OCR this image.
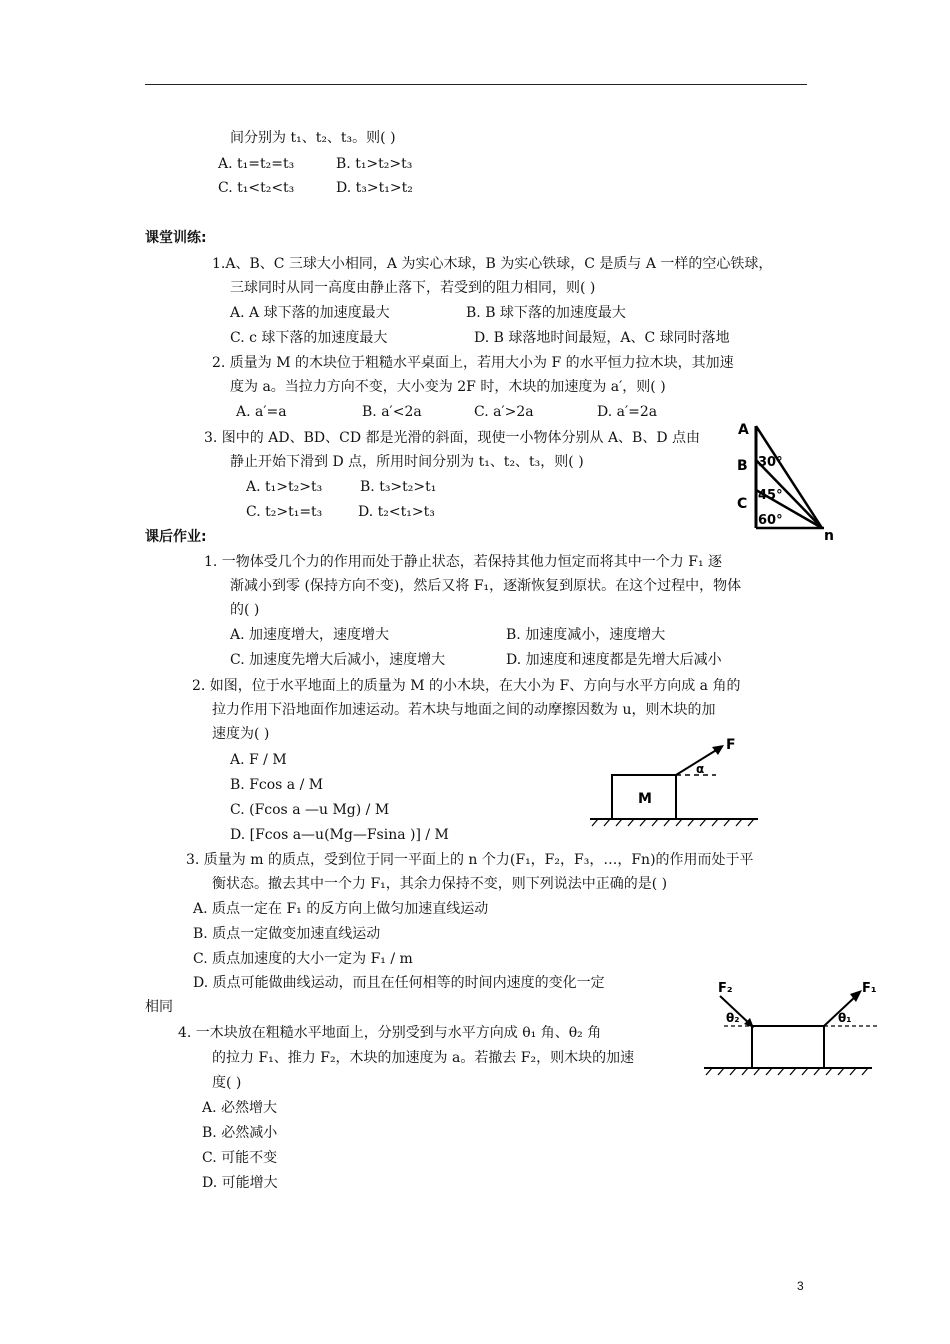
间分别为 t₁、t₂、t₃。则( )
A. t₁=t₂=t₃	B. t₁>t₂>t₃
C. t₁<t₂<t₃	D. t₃>t₁>t₂
课堂训练:
1.A、B、C 三球大小相同，A 为实心木球，B 为实心铁球，C 是质与 A 一样的空心铁球，
三球同时从同一高度由静止落下，若受到的阻力相同，则( )
A. A 球下落的加速度最大	B. B 球下落的加速度最大
C. c 球下落的加速度最大	D. B 球落地时间最短，A、C 球同时落地
2. 质量为 M 的木块位于粗糙水平桌面上，若用大小为 F 的水平恒力拉木块，其加速
度为 a。当拉力方向不变，大小变为 2F 时，木块的加速度为 a′，则( )
A. a′=a	B. a′<2a	C. a′>2a	D. a′=2a
3. 图中的 AD、BD、CD 都是光滑的斜面，现使一小物体分别从 A、B、D 点由
静止开始下滑到 D 点，所用时间分别为 t₁、t₂、t₃，则( )
A. t₁>t₂>t₃	B. t₃>t₂>t₁
C. t₂>t₁=t₃	D. t₂<t₁>t₃
A
B
C
n
30°
45°
60°
课后作业:
1. 一物体受几个力的作用而处于静止状态，若保持其他力恒定而将其中一个力 F₁ 逐
渐减小到零 (保持方向不变)，然后又将 F₁，逐渐恢复到原状。在这个过程中，物体
的( )
A. 加速度增大，速度增大	B. 加速度减小，速度增大
C. 加速度先增大后减小，速度增大	D. 加速度和速度都是先增大后减小
2. 如图，位于水平地面上的质量为 M 的小木块，在大小为 F、方向与水平方向成 a 角的
拉力作用下沿地面作加速运动。若木块与地面之间的动摩擦因数为 u，则木块的加
速度为( )
A. F / M
B. Fcos a / M
C. (Fcos a —u Mg) / M
D. [Fcos a—u(Mg—Fsina )] / M
M
F
α
3. 质量为 m 的质点，受到位于同一平面上的 n 个力(F₁，F₂，F₃，…，Fn)的作用而处于平
衡状态。撤去其中一个力 F₁，其余力保持不变，则下列说法中正确的是( )
A. 质点一定在 F₁ 的反方向上做匀加速直线运动
B. 质点一定做变加速直线运动
C. 质点加速度的大小一定为 F₁ / m
D. 质点可能做曲线运动，而且在任何相等的时间内速度的变化一定
相同
4. 一木块放在粗糙水平地面上，分别受到与水平方向成 θ₁ 角、θ₂ 角
的拉力 F₁、推力 F₂，木块的加速度为 a。若撤去 F₂，则木块的加速
度( )
A. 必然增大
B. 必然减小
C. 可能不变
D. 可能增大
F₂	F₁
θ₂	θ₁
3
